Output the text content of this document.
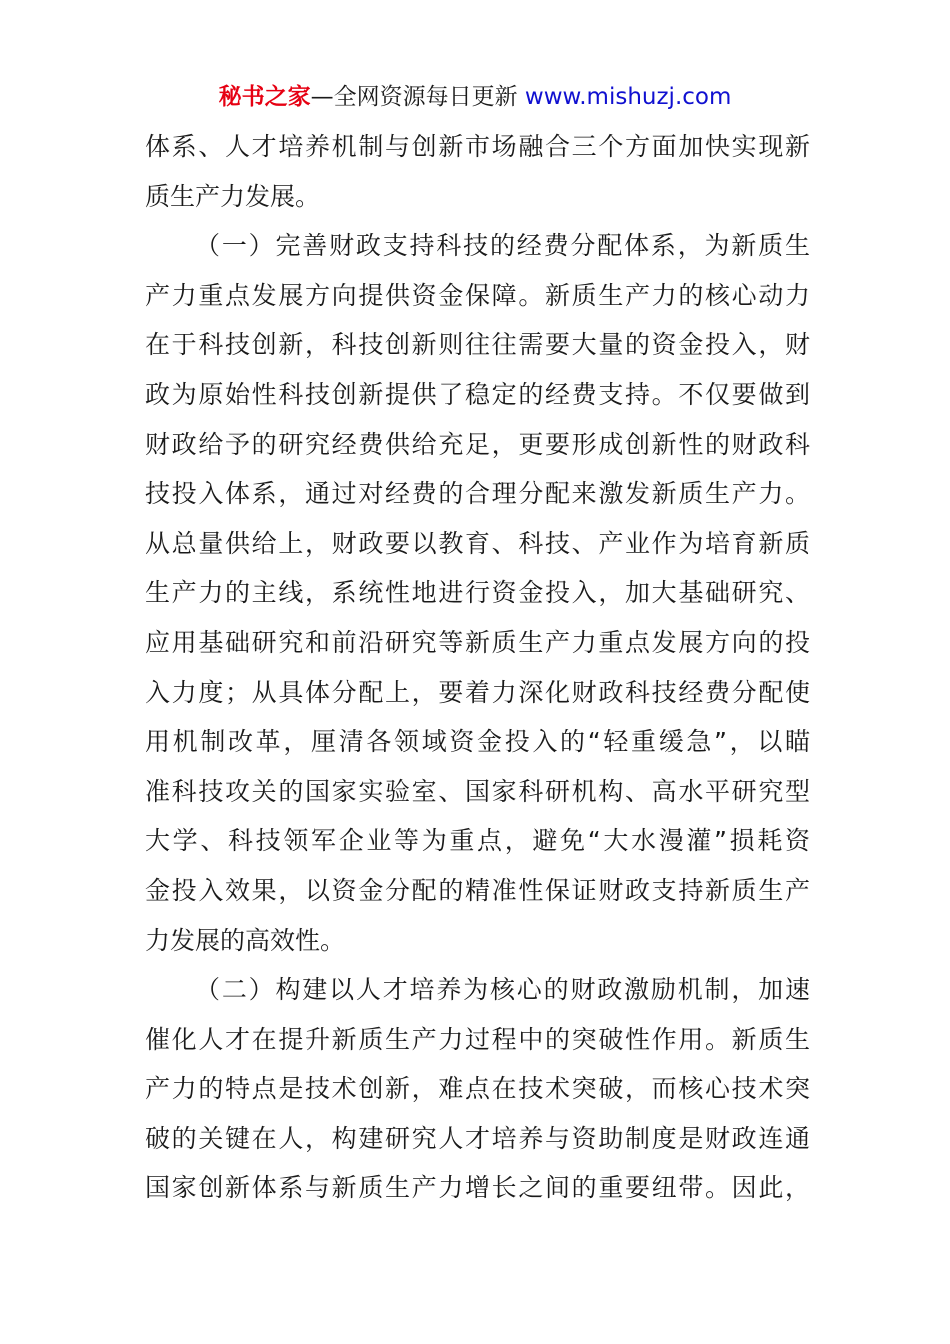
秘书之家—全网资源每日更新 www.mishuzj.com
体系、人才培养机制与创新市场融合三个方面加快实现新
质生产力发展。
（一）完善财政支持科技的经费分配体系，为新质生
产力重点发展方向提供资金保障。新质生产力的核心动力
在于科技创新，科技创新则往往需要大量的资金投入，财
政为原始性科技创新提供了稳定的经费支持。不仅要做到
财政给予的研究经费供给充足，更要形成创新性的财政科
技投入体系，通过对经费的合理分配来激发新质生产力。
从总量供给上，财政要以教育、科技、产业作为培育新质
生产力的主线，系统性地进行资金投入，加大基础研究、
应用基础研究和前沿研究等新质生产力重点发展方向的投
入力度；从具体分配上，要着力深化财政科技经费分配使
用机制改革，厘清各领域资金投入的“轻重缓急”，以瞄
准科技攻关的国家实验室、国家科研机构、高水平研究型
大学、科技领军企业等为重点，避免“大水漫灌”损耗资
金投入效果，以资金分配的精准性保证财政支持新质生产
力发展的高效性。
（二）构建以人才培养为核心的财政激励机制，加速
催化人才在提升新质生产力过程中的突破性作用。新质生
产力的特点是技术创新，难点在技术突破，而核心技术突
破的关键在人，构建研究人才培养与资助制度是财政连通
国家创新体系与新质生产力增长之间的重要纽带。因此，
